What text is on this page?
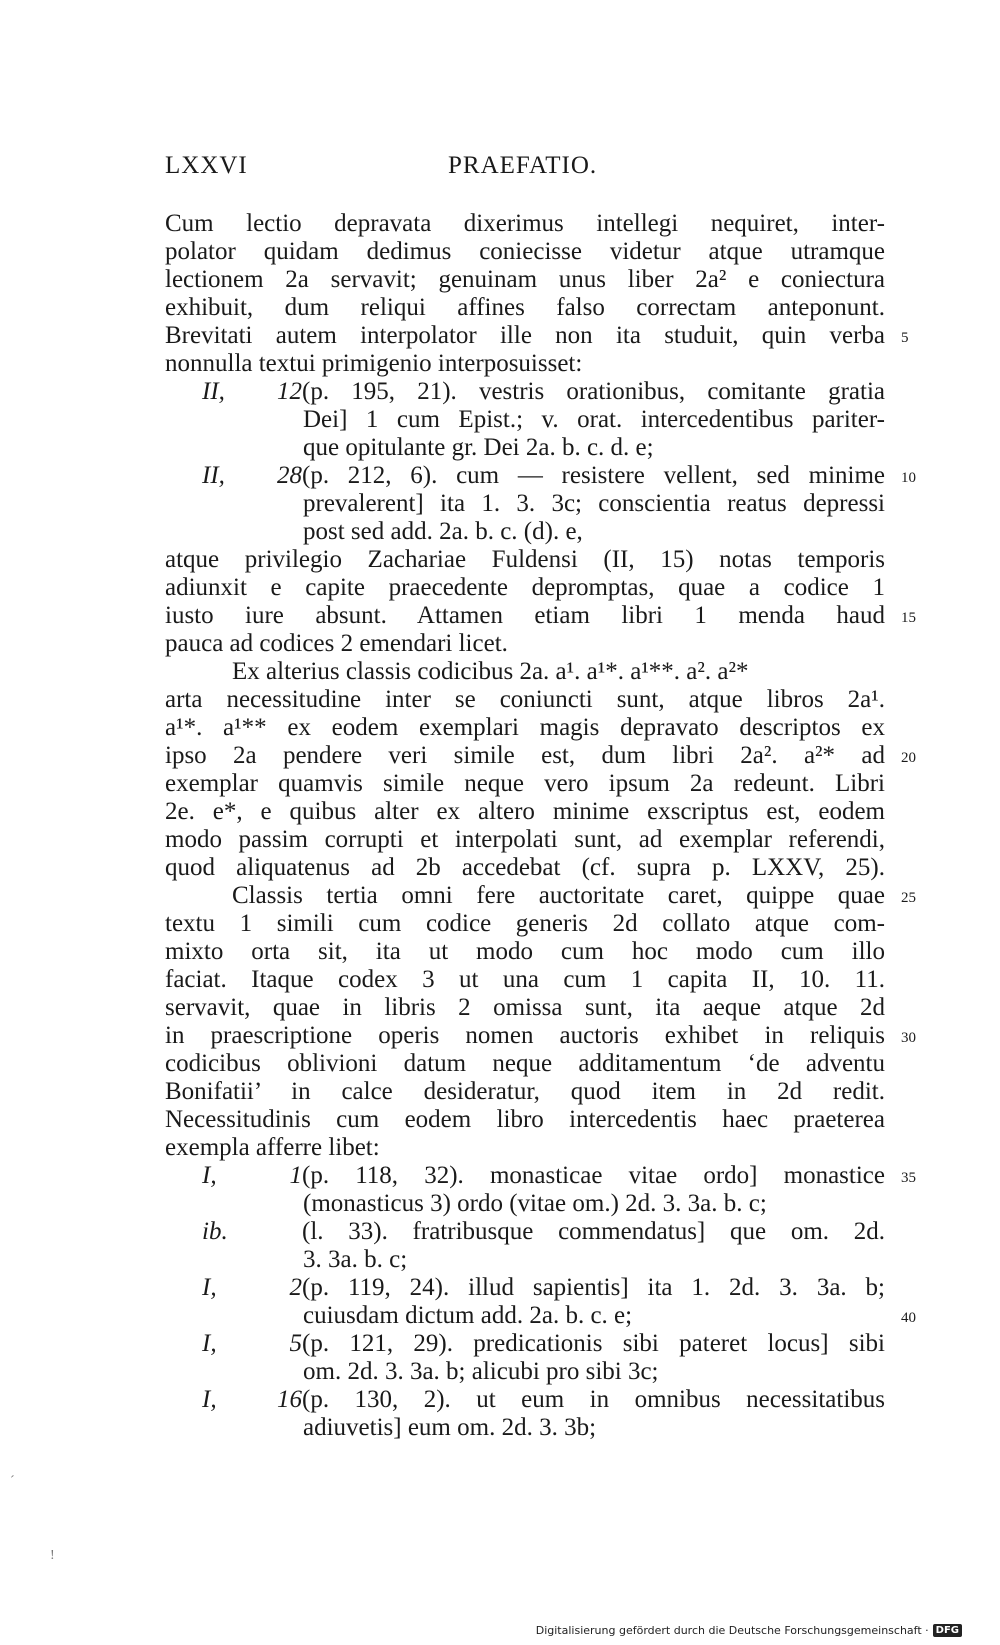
LXXVI	PRAEFATIO.
Cum lectio depravata dixerimus intellegi nequiret, inter-
polator quidam dedimus coniecisse videtur atque utramque
lectionem 2a servavit; genuinam unus liber 2a² e coniectura
exhibuit, dum reliqui affines falso correctam anteponunt.
Brevitati autem interpolator ille non ita studuit, quin verba 5
nonnulla textui primigenio interposuisset:
II, 12(p. 195, 21). vestris orationibus, comitante gratia
Dei] 1 cum Epist.; v. orat. intercedentibus pariter-
que opitulante gr. Dei 2a. b. c. d. e;
II, 28(p. 212, 6). cum — resistere vellent, sed minime 10
prevalerent] ita 1. 3. 3c; conscientia reatus depressi
post sed add. 2a. b. c. (d). e,
atque privilegio Zachariae Fuldensi (II, 15) notas temporis
adiunxit e capite praecedente depromptas, quae a codice 1
iusto iure absunt. Attamen etiam libri 1 menda haud 15
pauca ad codices 2 emendari licet.
Ex alterius classis codicibus 2a. a¹. a¹*. a¹**. a². a²*
arta necessitudine inter se coniuncti sunt, atque libros 2a¹.
a¹*. a¹** ex eodem exemplari magis depravato descriptos ex
ipso 2a pendere veri simile est, dum libri 2a². a²* ad 20
exemplar quamvis simile neque vero ipsum 2a redeunt. Libri
2e. e*, e quibus alter ex altero minime exscriptus est, eodem
modo passim corrupti et interpolati sunt, ad exemplar referendi,
quod aliquatenus ad 2b accedebat (cf. supra p. LXXV, 25).
Classis tertia omni fere auctoritate caret, quippe quae 25
textu 1 simili cum codice generis 2d collato atque com-
mixto orta sit, ita ut modo cum hoc modo cum illo
faciat. Itaque codex 3 ut una cum 1 capita II, 10. 11.
servavit, quae in libris 2 omissa sunt, ita aeque atque 2d
in praescriptione operis nomen auctoris exhibet in reliquis 30
codicibus oblivioni datum neque additamentum ‘de adventu
Bonifatii’ in calce desideratur, quod item in 2d redit.
Necessitudinis cum eodem libro intercedentis haec praeterea
exempla afferre libet:
I, 1(p. 118, 32). monasticae vitae ordo] monastice 35
(monasticus 3) ordo (vitae om.) 2d. 3. 3a. b. c;
ib.	(l. 33). fratribusque commendatus] que om. 2d.
3. 3a. b. c;
I, 2(p. 119, 24). illud sapientis] ita 1. 2d. 3. 3a. b;
cuiusdam dictum add. 2a. b. c. e;	40
I, 5(p. 121, 29). predicationis sibi pateret locus] sibi
om. 2d. 3. 3a. b; alicubi pro sibi 3c;
I, 16(p. 130, 2). ut eum in omnibus necessitatibus
adiuvetis] eum om. 2d. 3. 3b;
Digitalisierung gefördert durch die Deutsche Forschungsgemeinschaft · DFG
´
!
